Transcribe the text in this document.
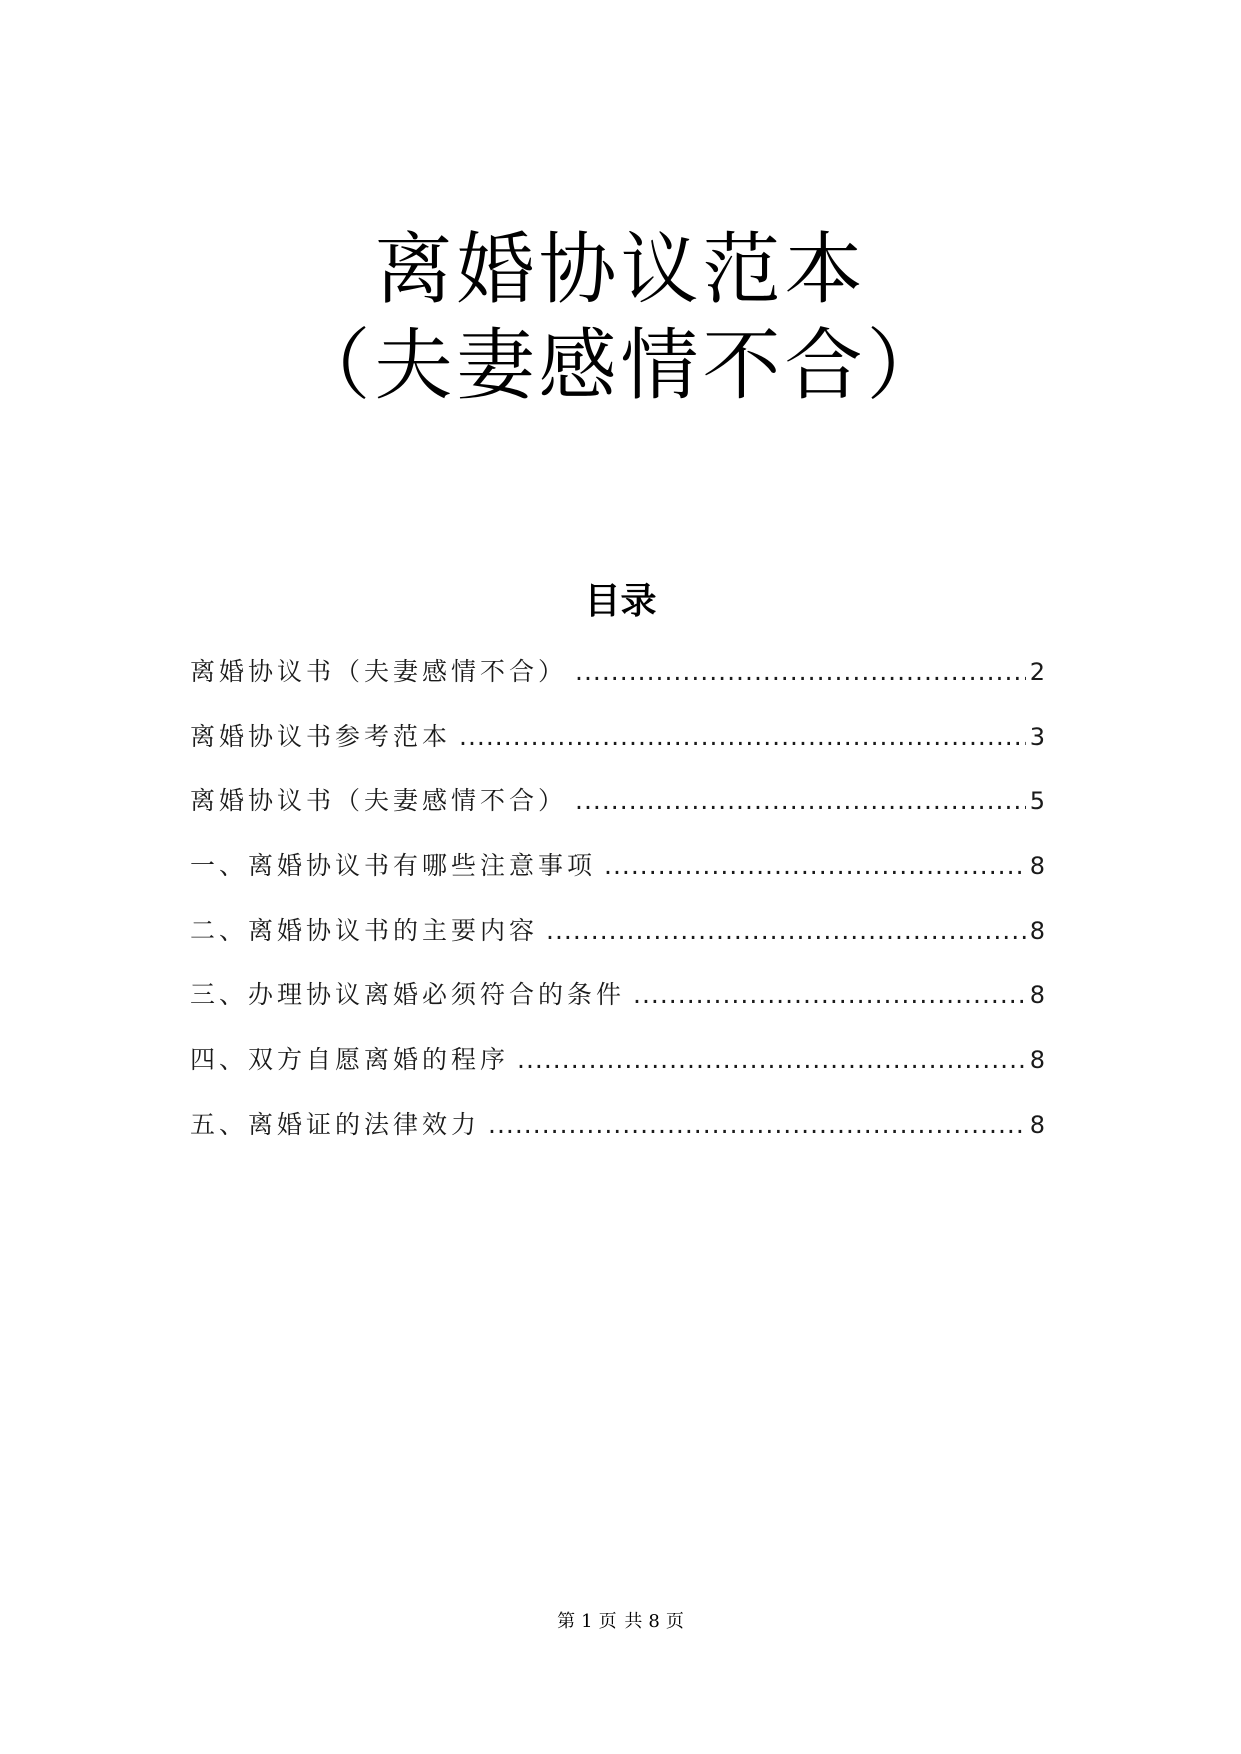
离婚协议范本
（夫妻感情不合）
目录
离婚协议书（夫妻感情不合） .....	2
离婚协议书参考范本 .....	3
离婚协议书（夫妻感情不合） .....	5
一、离婚协议书有哪些注意事项 .....	8
二、离婚协议书的主要内容 .....	8
三、办理协议离婚必须符合的条件 .....	8
四、双方自愿离婚的程序 .....	8
五、离婚证的法律效力 .....	8
第 1 页 共 8 页
